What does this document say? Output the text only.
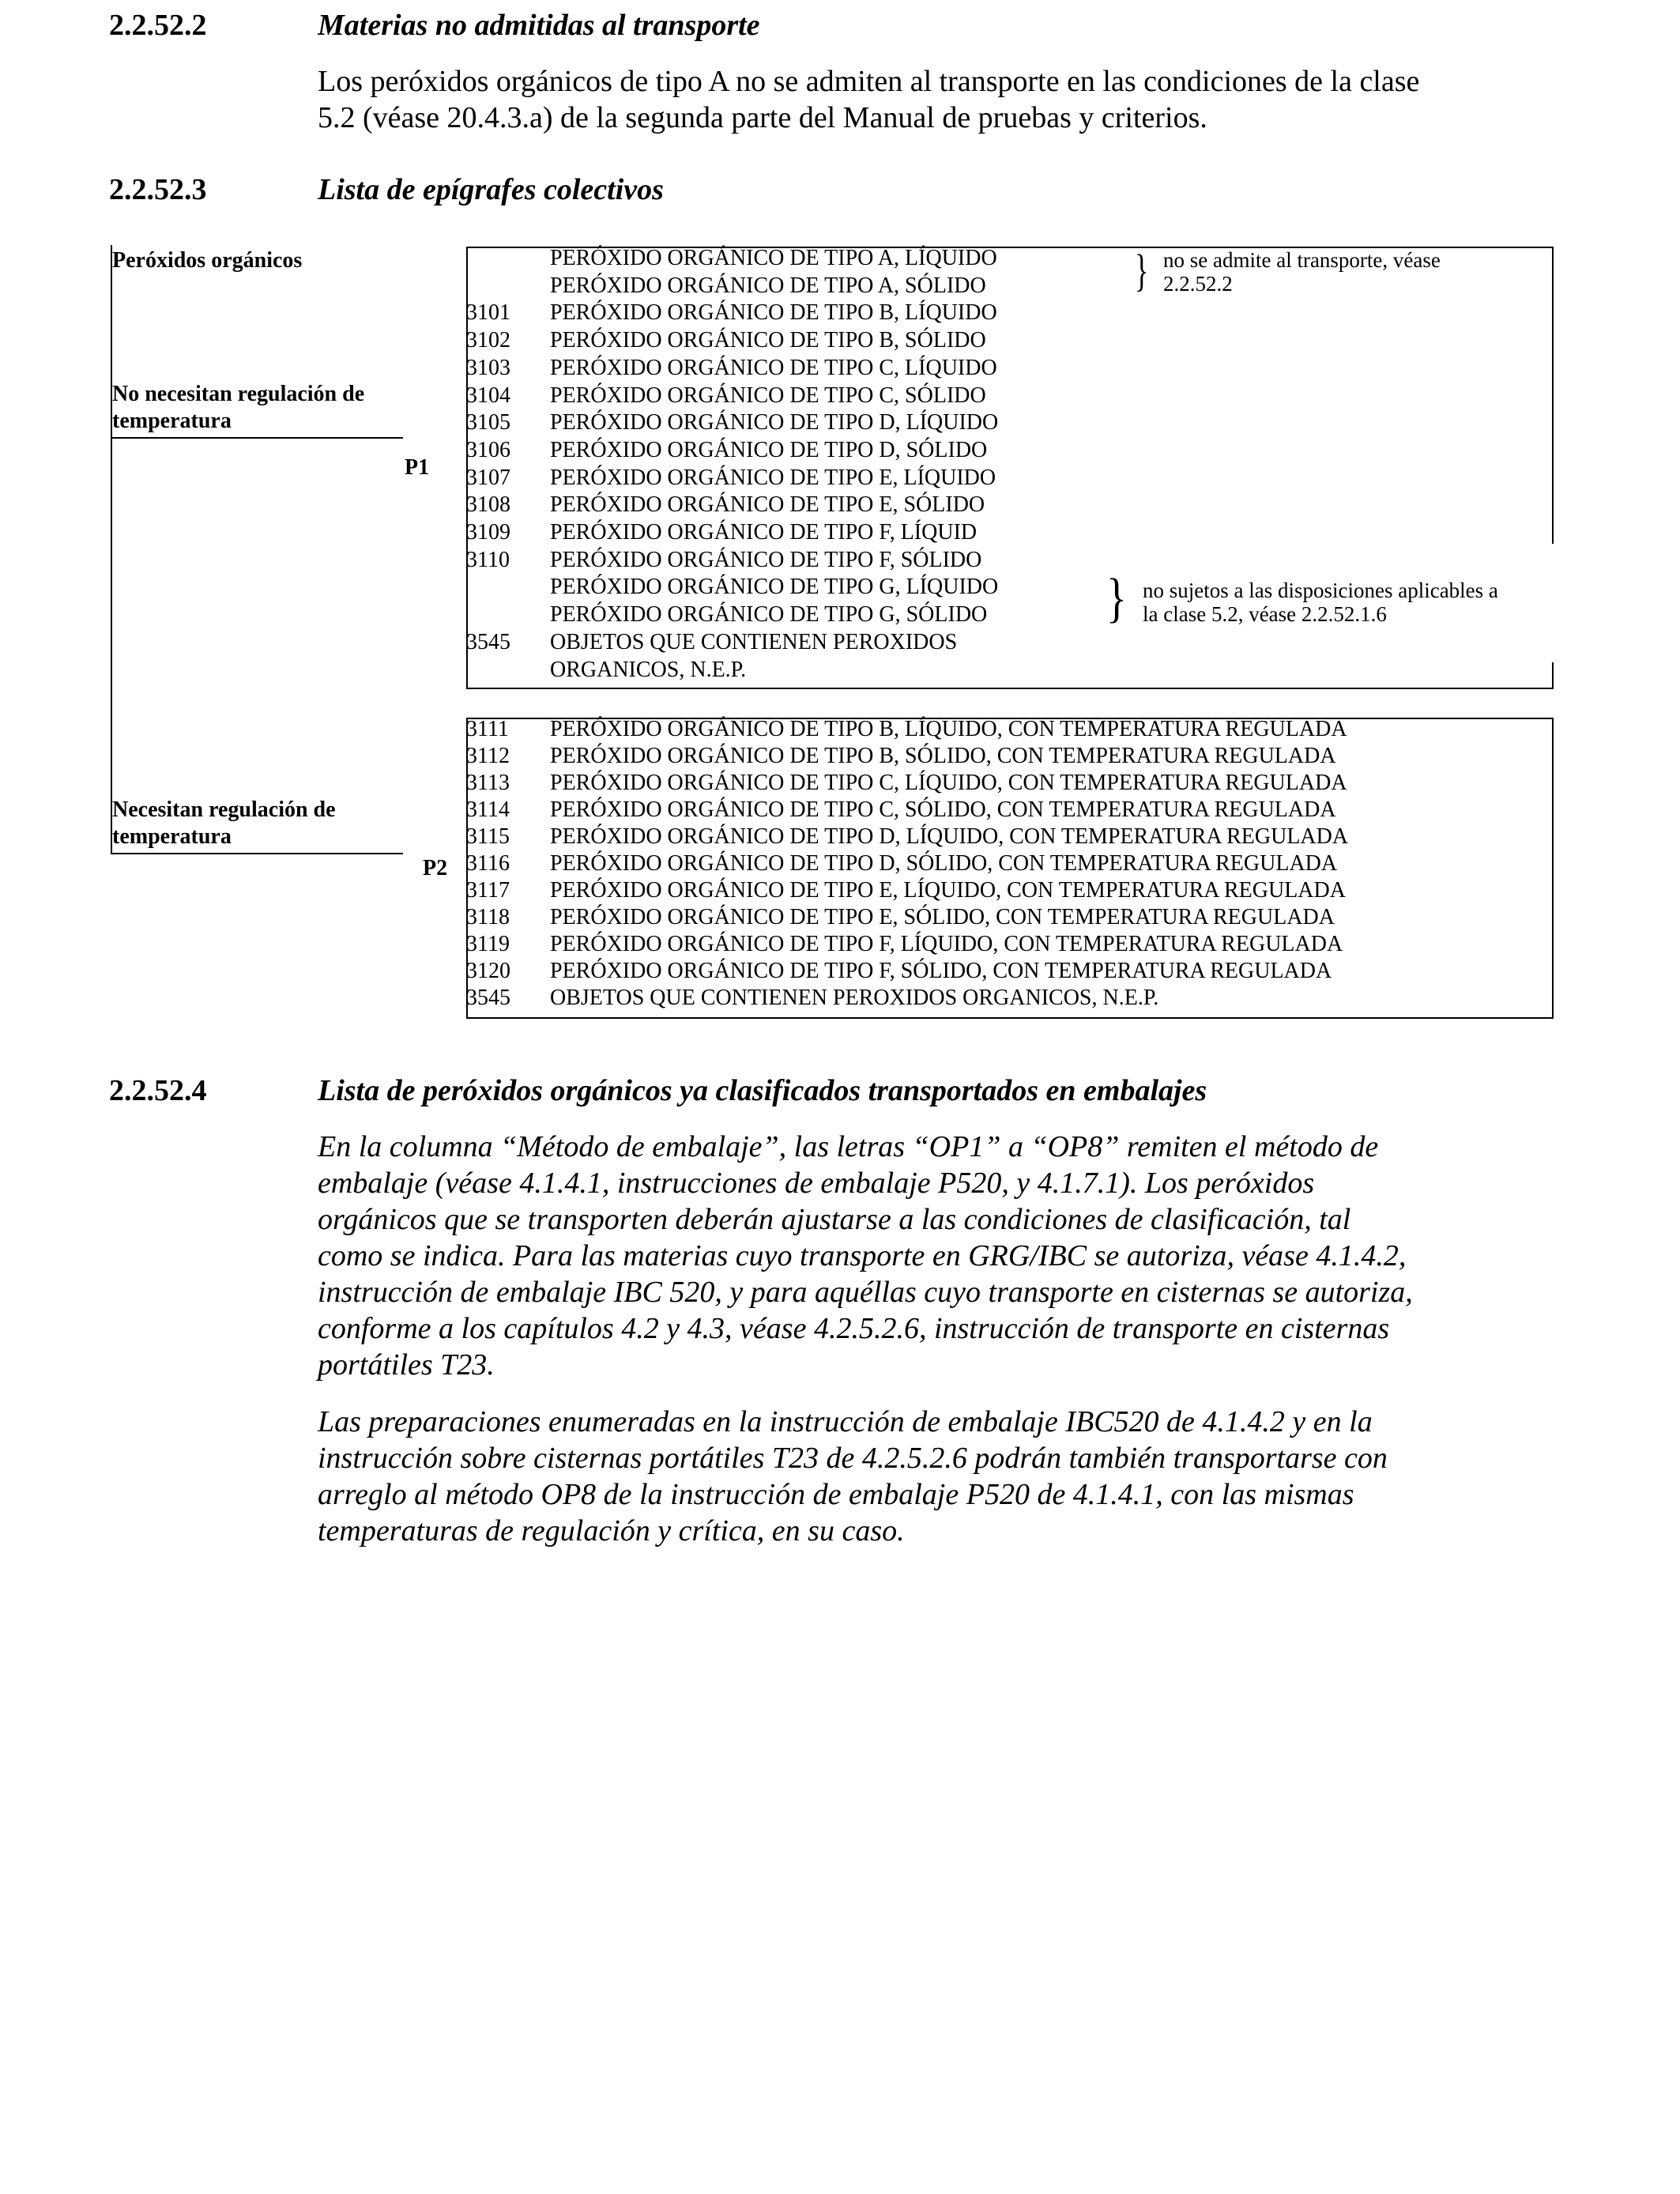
2.2.52.2	Materias no admitidas al transporte
Los peróxidos orgánicos de tipo A no se admiten al transporte en las condiciones de la clase
5.2 (véase 20.4.3.a) de la segunda parte del Manual de pruebas y criterios.
2.2.52.3	Lista de epígrafes colectivos
Peróxidos orgánicos
No necesitan regulación de
temperatura
Necesitan regulación de
temperatura
P1
P2
} no se admite al transporte, véase
2.2.52.2
} no sujetos a las disposiciones aplicables a
la clase 5.2, véase 2.2.52.1.6
PERÓXIDO ORGÁNICO DE TIPO A, LÍQUIDO
PERÓXIDO ORGÁNICO DE TIPO A, SÓLIDO
3101 PERÓXIDO ORGÁNICO DE TIPO B, LÍQUIDO
3102 PERÓXIDO ORGÁNICO DE TIPO B, SÓLIDO
3103 PERÓXIDO ORGÁNICO DE TIPO C, LÍQUIDO
3104 PERÓXIDO ORGÁNICO DE TIPO C, SÓLIDO
3105 PERÓXIDO ORGÁNICO DE TIPO D, LÍQUIDO
3106 PERÓXIDO ORGÁNICO DE TIPO D, SÓLIDO
3107 PERÓXIDO ORGÁNICO DE TIPO E, LÍQUIDO
3108 PERÓXIDO ORGÁNICO DE TIPO E, SÓLIDO
3109 PERÓXIDO ORGÁNICO DE TIPO F, LÍQUID
3110 PERÓXIDO ORGÁNICO DE TIPO F, SÓLIDO
PERÓXIDO ORGÁNICO DE TIPO G, LÍQUIDO
PERÓXIDO ORGÁNICO DE TIPO G, SÓLIDO
3545 OBJETOS QUE CONTIENEN PEROXIDOS
ORGANICOS, N.E.P.
3111 PERÓXIDO ORGÁNICO DE TIPO B, LÍQUIDO, CON TEMPERATURA REGULADA
3112 PERÓXIDO ORGÁNICO DE TIPO B, SÓLIDO, CON TEMPERATURA REGULADA
3113 PERÓXIDO ORGÁNICO DE TIPO C, LÍQUIDO, CON TEMPERATURA REGULADA
3114 PERÓXIDO ORGÁNICO DE TIPO C, SÓLIDO, CON TEMPERATURA REGULADA
3115 PERÓXIDO ORGÁNICO DE TIPO D, LÍQUIDO, CON TEMPERATURA REGULADA
3116 PERÓXIDO ORGÁNICO DE TIPO D, SÓLIDO, CON TEMPERATURA REGULADA
3117 PERÓXIDO ORGÁNICO DE TIPO E, LÍQUIDO, CON TEMPERATURA REGULADA
3118 PERÓXIDO ORGÁNICO DE TIPO E, SÓLIDO, CON TEMPERATURA REGULADA
3119 PERÓXIDO ORGÁNICO DE TIPO F, LÍQUIDO, CON TEMPERATURA REGULADA
3120 PERÓXIDO ORGÁNICO DE TIPO F, SÓLIDO, CON TEMPERATURA REGULADA
3545 OBJETOS QUE CONTIENEN PEROXIDOS ORGANICOS, N.E.P.
2.2.52.4	Lista de peróxidos orgánicos ya clasificados transportados en embalajes
En la columna “Método de embalaje”, las letras “OP1” a “OP8” remiten el método de
embalaje (véase 4.1.4.1, instrucciones de embalaje P520, y 4.1.7.1). Los peróxidos
orgánicos que se transporten deberán ajustarse a las condiciones de clasificación, tal
como se indica. Para las materias cuyo transporte en GRG/IBC se autoriza, véase 4.1.4.2,
instrucción de embalaje IBC 520, y para aquéllas cuyo transporte en cisternas se autoriza,
conforme a los capítulos 4.2 y 4.3, véase 4.2.5.2.6, instrucción de transporte en cisternas
portátiles T23.
Las preparaciones enumeradas en la instrucción de embalaje IBC520 de 4.1.4.2 y en la
instrucción sobre cisternas portátiles T23 de 4.2.5.2.6 podrán también transportarse con
arreglo al método OP8 de la instrucción de embalaje P520 de 4.1.4.1, con las mismas
temperaturas de regulación y crítica, en su caso.
